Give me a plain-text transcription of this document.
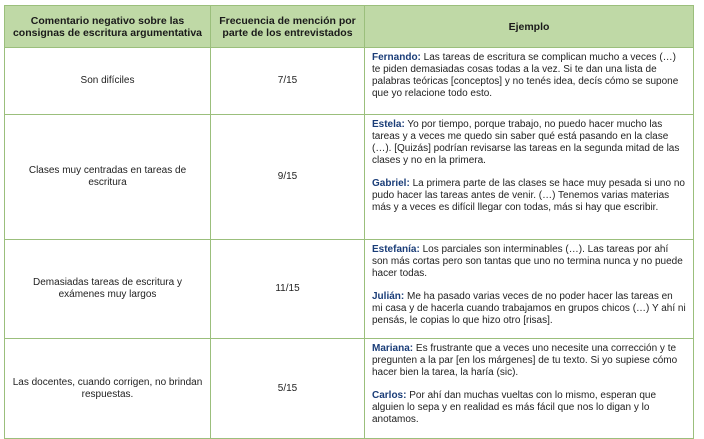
Comentario negativo sobre las consignas de escritura argumentativa	Frecuencia de mención por parte de los entrevistados	Ejemplo
Son difíciles	7/15	Fernando: Las tareas de escritura se complican mucho a veces (…) te piden demasiadas cosas todas a la vez. Si te dan una lista de palabras teóricas [conceptos] y no tenés idea, decís cómo se supone que yo relacione todo esto.

Clases muy centradas en tareas de escritura	9/15	Estela: Yo por tiempo, porque trabajo, no puedo hacer mucho las tareas y a veces me quedo sin saber qué está pasando en la clase (…). [Quizás] podrían revisarse las tareas en la segunda mitad de las clases y no en la primera.

Gabriel: La primera parte de las clases se hace muy pesada si uno no pudo hacer las tareas antes de venir. (…) Tenemos varias materias más y a veces es difícil llegar con todas, más si hay que escribir.

Demasiadas tareas de escritura y exámenes muy largos	11/15	Estefanía: Los parciales son interminables (…). Las tareas por ahí son más cortas pero son tantas que uno no termina nunca y no puede hacer todas.

Julián: Me ha pasado varias veces de no poder hacer las tareas en mi casa y de hacerla cuando trabajamos en grupos chicos (…) Y ahí ni pensás, le copias lo que hizo otro [risas].

Las docentes, cuando corrigen, no brindan respuestas.	5/15	Mariana: Es frustrante que a veces uno necesite una corrección y te pregunten a la par [en los márgenes] de tu texto. Si yo supiese cómo hacer bien la tarea, la haría (sic).

Carlos: Por ahí dan muchas vueltas con lo mismo, esperan que alguien lo sepa y en realidad es más fácil que nos lo digan y lo anotamos.
